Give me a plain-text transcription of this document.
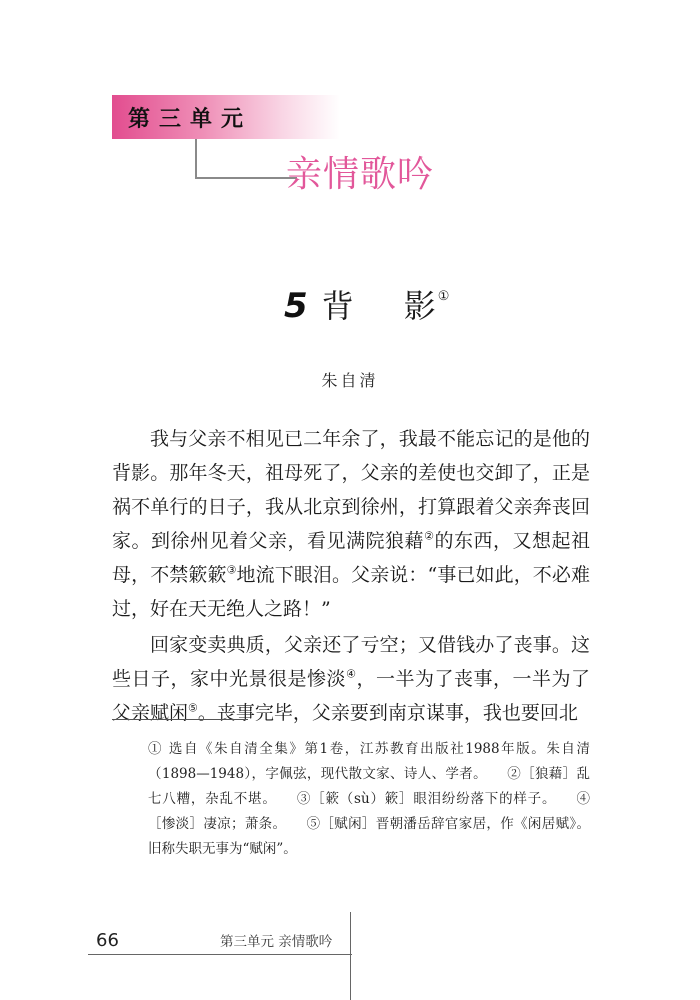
第三单元
亲情歌吟
5 背 影 ①
朱自清

我与父亲不相见已二年余了，我最不能忘记的是他的背影。那年冬天，祖母死了，父亲的差使也交卸了，正是祸不单行的日子，我从北京到徐州，打算跟着父亲奔丧回家。到徐州见着父亲，看见满院狼藉②的东西，又想起祖母，不禁簌簌③地流下眼泪。父亲说：“事已如此，不必难过，好在天无绝人之路！”

回家变卖典质，父亲还了亏空；又借钱办了丧事。这些日子，家中光景很是惨淡④，一半为了丧事，一半为了父亲赋闲⑤。丧事完毕，父亲要到南京谋事，我也要回北

① 选自《朱自清全集》第1卷，江苏教育出版社1988年版。朱自清（1898—1948），字佩弦，现代散文家、诗人、学者。 ②［狼藉］乱七八糟，杂乱不堪。 ③［簌（sù）簌］眼泪纷纷落下的样子。 ④［惨淡］凄凉；萧条。 ⑤［赋闲］晋朝潘岳辞官家居，作《闲居赋》。旧称失职无事为“赋闲”。
66	第三单元 亲情歌吟
